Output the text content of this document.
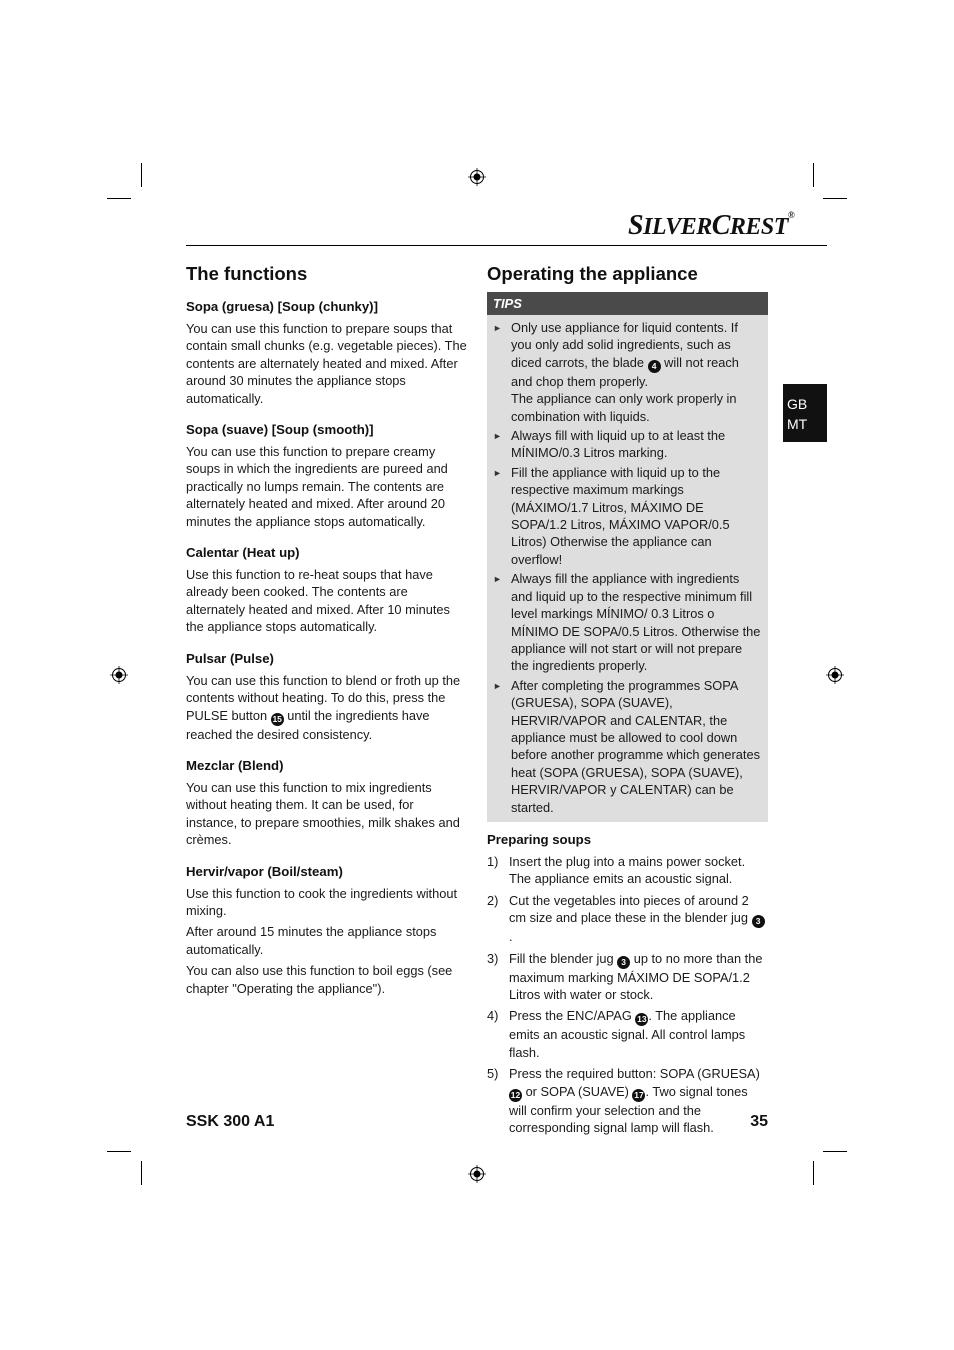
SILVERCREST®
GB
MT
The functions
Sopa (gruesa) [Soup (chunky)]

You can use this function to prepare soups that contain small chunks (e.g. vegetable pieces). The contents are alternately heated and mixed. After around 30 minutes the appliance stops automatically.

Sopa (suave) [Soup (smooth)]

You can use this function to prepare creamy soups in which the ingredients are pureed and practically no lumps remain. The contents are alternately heated and mixed. After around 20 minutes the appliance stops automatically.

Calentar (Heat up)

Use this function to re-heat soups that have already been cooked. The contents are alternately heated and mixed. After 10 minutes the appliance stops automatically.

Pulsar (Pulse)

You can use this function to blend or froth up the contents without heating. To do this, press the PULSE button 15 until the ingredients have reached the desired consistency.

Mezclar (Blend)

You can use this function to mix ingredients without heating them. It can be used, for instance, to prepare smoothies, milk shakes and crèmes.

Hervir/vapor (Boil/steam)

Use this function to cook the ingredients without mixing.

After around 15 minutes the appliance stops automatically.

You can also use this function to boil eggs (see chapter "Operating the appliance").

Operating the appliance
TIPS
► Only use appliance for liquid contents. If you only add solid ingredients, such as diced carrots, the blade 4 will not reach and chop them properly.
The appliance can only work properly in combination with liquids.
► Always fill with liquid up to at least the MÍNIMO/0.3 Litros marking.
► Fill the appliance with liquid up to the respective maximum markings (MÁXIMO/1.7 Litros, MÁXIMO DE SOPA/1.2 Litros, MÁXIMO VAPOR/0.5 Litros) Otherwise the appliance can overflow!
► Always fill the appliance with ingredients and liquid up to the respective minimum fill level markings MÍNIMO/ 0.3 Litros o MÍNIMO DE SOPA/0.5 Litros. Otherwise the appliance will not start or will not prepare the ingredients properly.
► After completing the programmes SOPA (GRUESA), SOPA (SUAVE), HERVIR/VAPOR and CALENTAR, the appliance must be allowed to cool down before another programme which generates heat (SOPA (GRUESA), SOPA (SUAVE), HERVIR/VAPOR y CALENTAR) can be started.
Preparing soups
1) Insert the plug into a mains power socket. The appliance emits an acoustic signal.
2) Cut the vegetables into pieces of around 2 cm size and place these in the blender jug 3.
3) Fill the blender jug 3 up to no more than the maximum marking MÁXIMO DE SOPA/1.2 Litros with water or stock.
4) Press the ENC/APAG 13 . The appliance emits an acoustic signal. All control lamps flash.
5) Press the required button: SOPA (GRUESA) 12 or SOPA (SUAVE) 17 . Two signal tones will confirm your selection and the corresponding signal lamp will flash.
SSK 300 A1	35
